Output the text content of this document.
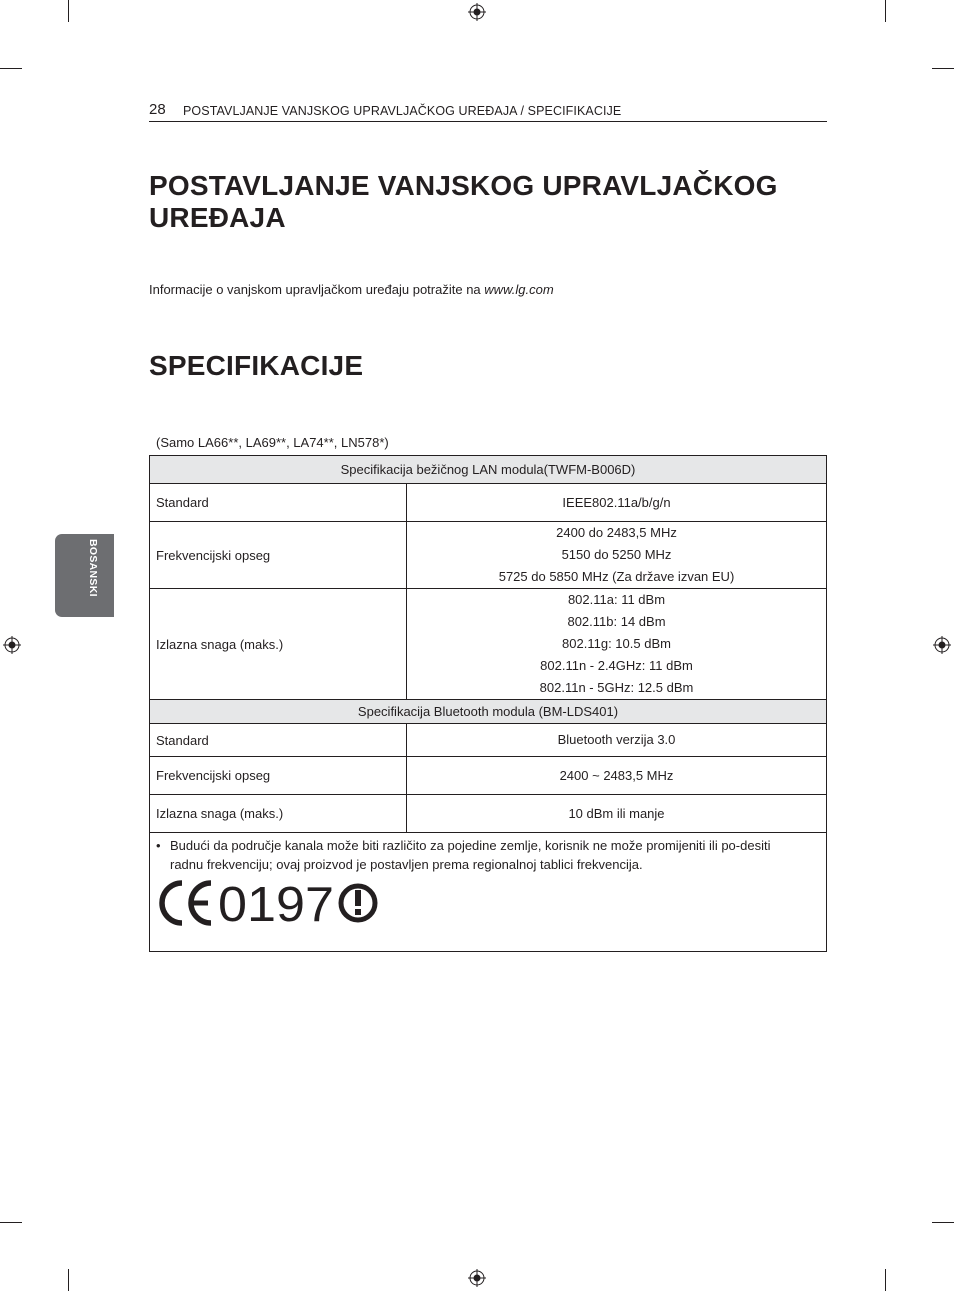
28 POSTAVLJANJE VANJSKOG UPRAVLJAČKOG UREĐAJA / SPECIFIKACIJE
POSTAVLJANJE VANJSKOG UPRAVLJAČKOG UREĐAJA
Informacije o vanjskom upravljačkom uređaju potražite na www.lg.com
SPECIFIKACIJE
BOSANSKI
(Samo LA66**, LA69**, LA74**, LN578*)
Specifikacija bežičnog LAN modula(TWFM-B006D)	
Standard	IEEE802.11a/b/g/n

Frekvencijski opseg	2400 do 2483,5 MHz
5150 do 5250 MHz
5725 do 5850 MHz (Za države izvan EU)

Izlazna snaga (maks.)	802.11a: 11 dBm
802.11b: 14 dBm
802.11g: 10.5 dBm
802.11n - 2.4GHz: 11 dBm
802.11n - 5GHz: 12.5 dBm

Specifikacija Bluetooth modula (BM-LDS401)	
Standard	Bluetooth verzija 3.0

Frekvencijski opseg	2400 ~ 2483,5 MHz

Izlazna snaga (maks.)	10 dBm ili manje

• Budući da područje kanala može biti različito za pojedine zemlje, korisnik ne može promijeniti ili po-desiti radnu frekvenciju; ovaj proizvod je postavljen prema regionalnoj tablici frekvencija.
0197	
